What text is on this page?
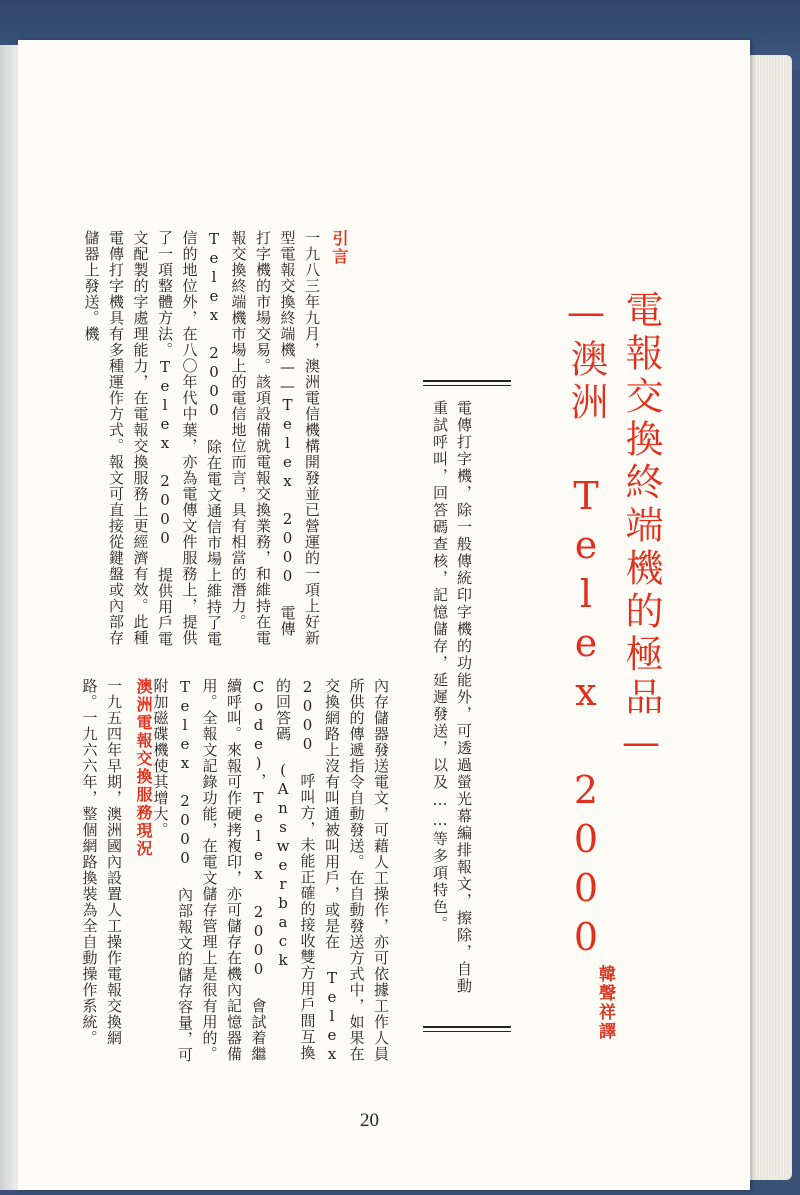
電報交換終端機的極品—
—澳洲 Telex 2000
韓聲祥譯
電傳打字機，除一般傳統印字機的功能外，可透過螢光幕編排報文，擦除，自動重試呼叫，回答碼查核，記憶儲存，延遲發送，以及……等多項特色。
引言
一九八三年九月，澳洲電信機構開發並已營運的一項上好新型電報交換終端機——Telex 2000 電傳打字機的市場交易。該項設備就電報交換業務，和維持在電報交換終端機市場上的電信地位而言，具有相當的潛力。Telex 2000 除在電文通信市場上維持了電信的地位外，在八〇年代中葉，亦為電傳文件服務上，提供了一項整體方法。Telex 2000 提供用戶電文配製的字處理能力，在電報交換服務上更經濟有效。此種電傳打字機具有多種運作方式。報文可直接從鍵盤或內部存儲器上發送。機
內存儲器發送電文，可藉人工操作，亦可依據工作人員所供的傳遞指令自動發送。在自動發送方式中，如果在交換網路上沒有叫通被叫用戶，或是在 Telex 2000 呼叫方，未能正確的接收雙方用戶間互換的回答碼 (Answerback Code)，Telex 2000 會試着繼續呼叫。來報可作硬拷複印，亦可儲存在機內記憶器備用。全報文記錄功能，在電文儲存管理上是很有用的。Telex 2000 內部報文的儲存容量，可附加磁碟機使其增大。
澳洲電報交換服務現況
一九五四年早期，澳洲國內設置人工操作電報交換網路。一九六六年，整個網路換裝為全自動操作系統。
20
